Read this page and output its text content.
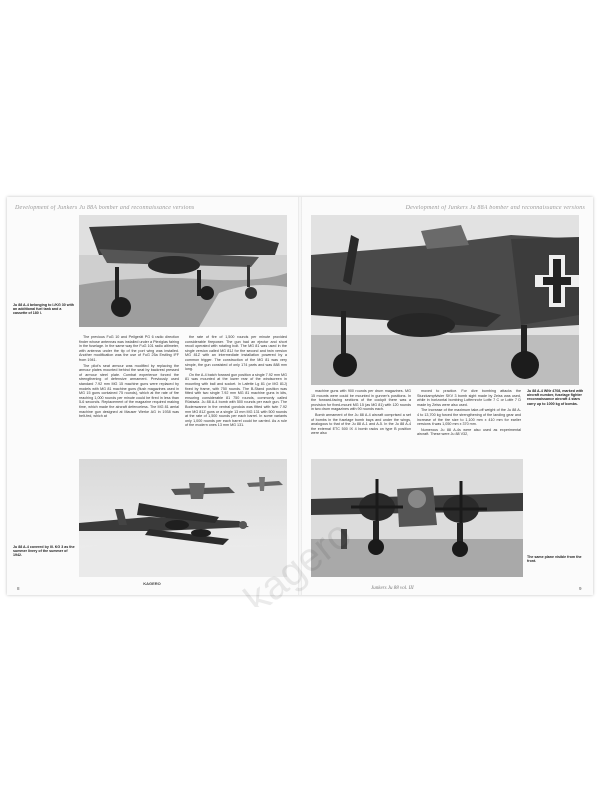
Development of Junkers Ju 88A bomber and reconnaissance versions
Ju 88 A-4 belonging to I./KG 30 with an additional fuel tank and a cassette of 180 l.

The previous FuG 10 and Peilgerät PG 6 radio direction finder whose antennas was installed under a Plexiglas fairing in the fuselage. In the same way the FuG 101 radio altimeter, with antenna under the tip of the port wing was installed. Another modification was the use of FuG 25a Erstling IFF from 1941.

The pilot's seat armour was modified by replacing the armour plates mounted behind the seat by backrest pressed of armour steel plate. Combat experience forced the strengthening of defensive armament. Previously used standard 7.92 mm MG 15 machine guns were replaced by models with MG 81 machine guns (flush magazines used in MG 15 guns contained 75 rounds), which at the rate of fire reaching 1,000 rounds per minute could be fired in less than 5-6 seconds. Replacement of the magazine required making time, which made the aircraft defenceless. The MG 81 aerial machine gun designed at Mauser Werke AG in 1938 was belt-fed, which at

the rate of fire of 1,500 rounds per minute provided considerable firepower. The gun had an ejector and short recoil operated with rotating bolt. The MG 81 was used in the single version called MG 81J for the second and twin version MG 81Z with an intermediate installation powered by a common trigger. The construction of the MG 81 was very simple, the gun consisted of only 174 parts and was 888 mm long.

On the A-4 batch forward gun position a single 7.92 mm MG 81 was mounted at the lower rear of the windscreen in mounting with ball and socket. In Lafette Lg 81 (or MG 81J) fixed by frame, with 750 rounds. The B-Stand position was fitted with two single 7.92 mm MG 81 machine guns in kits, ensuring considerable 81 750 rounds, commonly called Rüstsatz. Ju 88 A-4 bomb with 500 rounds per each gun. The Bodenwanne in the ventral gondola was fitted with twin 7.92 mm MG 81Z guns or a single 13 mm MG 131 with 500 rounds at the rate of 1,500 rounds per each barrel. In some variants only 1,000 rounds per each barrel could be carried. As a rule of the modern ones 13 mm MG 131.

Ju 88 A-4 covered by Ill. KG 3 as the summer livery of the summer of 1942.
8
KAGERO
Development of Junkers Ju 88A bomber and reconnaissance versions

machine guns with 900 rounds per drum magazines. MG 15 mounts were could be mounted in gunner's positions. In the forward-facing sections of the cockpit there was a provision for fixed-mount MG 15 (as MG 81) with 120 rounds in two drum magazines with 90 rounds each.

Bomb armament of the Ju 88 A-4 aircraft comprised a set of bombs in the fuselage bomb bays and under the wings, analogous to that of the Ju 88 A-1 and A-5. In the Ju 88 A-4 the external ETC 500 IX 4 bomb racks on type B position were also

moved to practice. For dive bombing attacks the Sturzkampfvisier SKV 3 bomb sight made by Zeiss was used, while in horizontal bombing Lotfernrohr Lotfe 7 C or Lotfe 7 D made by Zeiss were also used.

The increase of the maximum take-off weight of the Ju 88 A-4 to 13,700 kg forced the strengthening of the landing gear and increase of the tire size to 1,100 mm x 410 mm for earlier versions it was 1,050 mm x 370 mm.

Numerous Ju 88 A-4s were also used as experimental aircraft. These were Ju 88 V32,

Ju 88 A-4 WNr 4708, marked with aircraft number, fuselage fighter reconnaissance aircraft 4 stars carry up to 1000 kg of bombs.
The same plane visible from the front.
Junkers Ju 88 vol. III	9
kagero
